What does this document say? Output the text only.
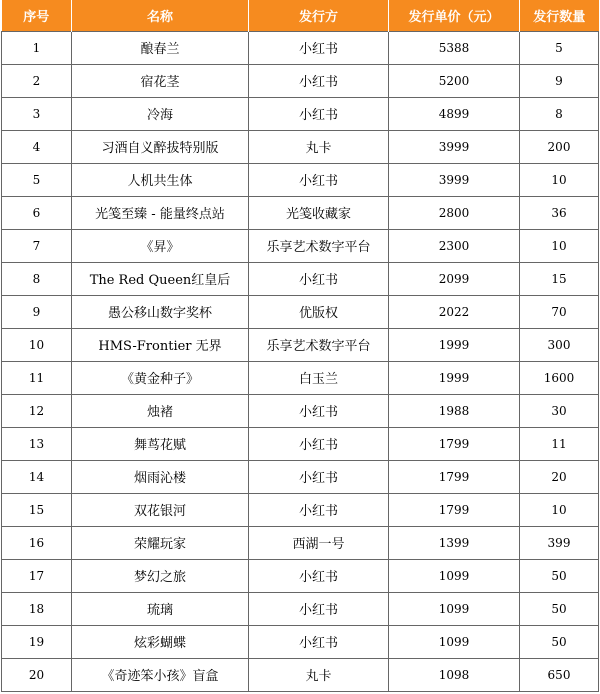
序号	名称	发行方	发行单价（元）	发行数量
1	酿春兰	小红书	5388	5
2	宿花茎	小红书	5200	9
3	冷海	小红书	4899	8
4	习酒自义醉拔特别版	丸卡	3999	200
5	人机共生体	小红书	3999	10
6	光笺至臻 - 能量终点站	光笺收藏家	2800	36
7	《昇》	乐享艺术数字平台	2300	10
8	The Red Queen红皇后	小红书	2099	15
9	愚公移山数字奖杯	优版权	2022	70
10	HMS-Frontier 无界	乐享艺术数字平台	1999	300
11	《黄金种子》	白玉兰	1999	1600
12	烛褚	小红书	1988	30
13	舞茑花赋	小红书	1799	11
14	烟雨沁楼	小红书	1799	20
15	双花银河	小红书	1799	10
16	荣耀玩家	西湖一号	1399	399
17	梦幻之旅	小红书	1099	50
18	琉璃	小红书	1099	50
19	炫彩蝴蝶	小红书	1099	50
20	《奇迹笨小孩》盲盒	丸卡	1098	650
